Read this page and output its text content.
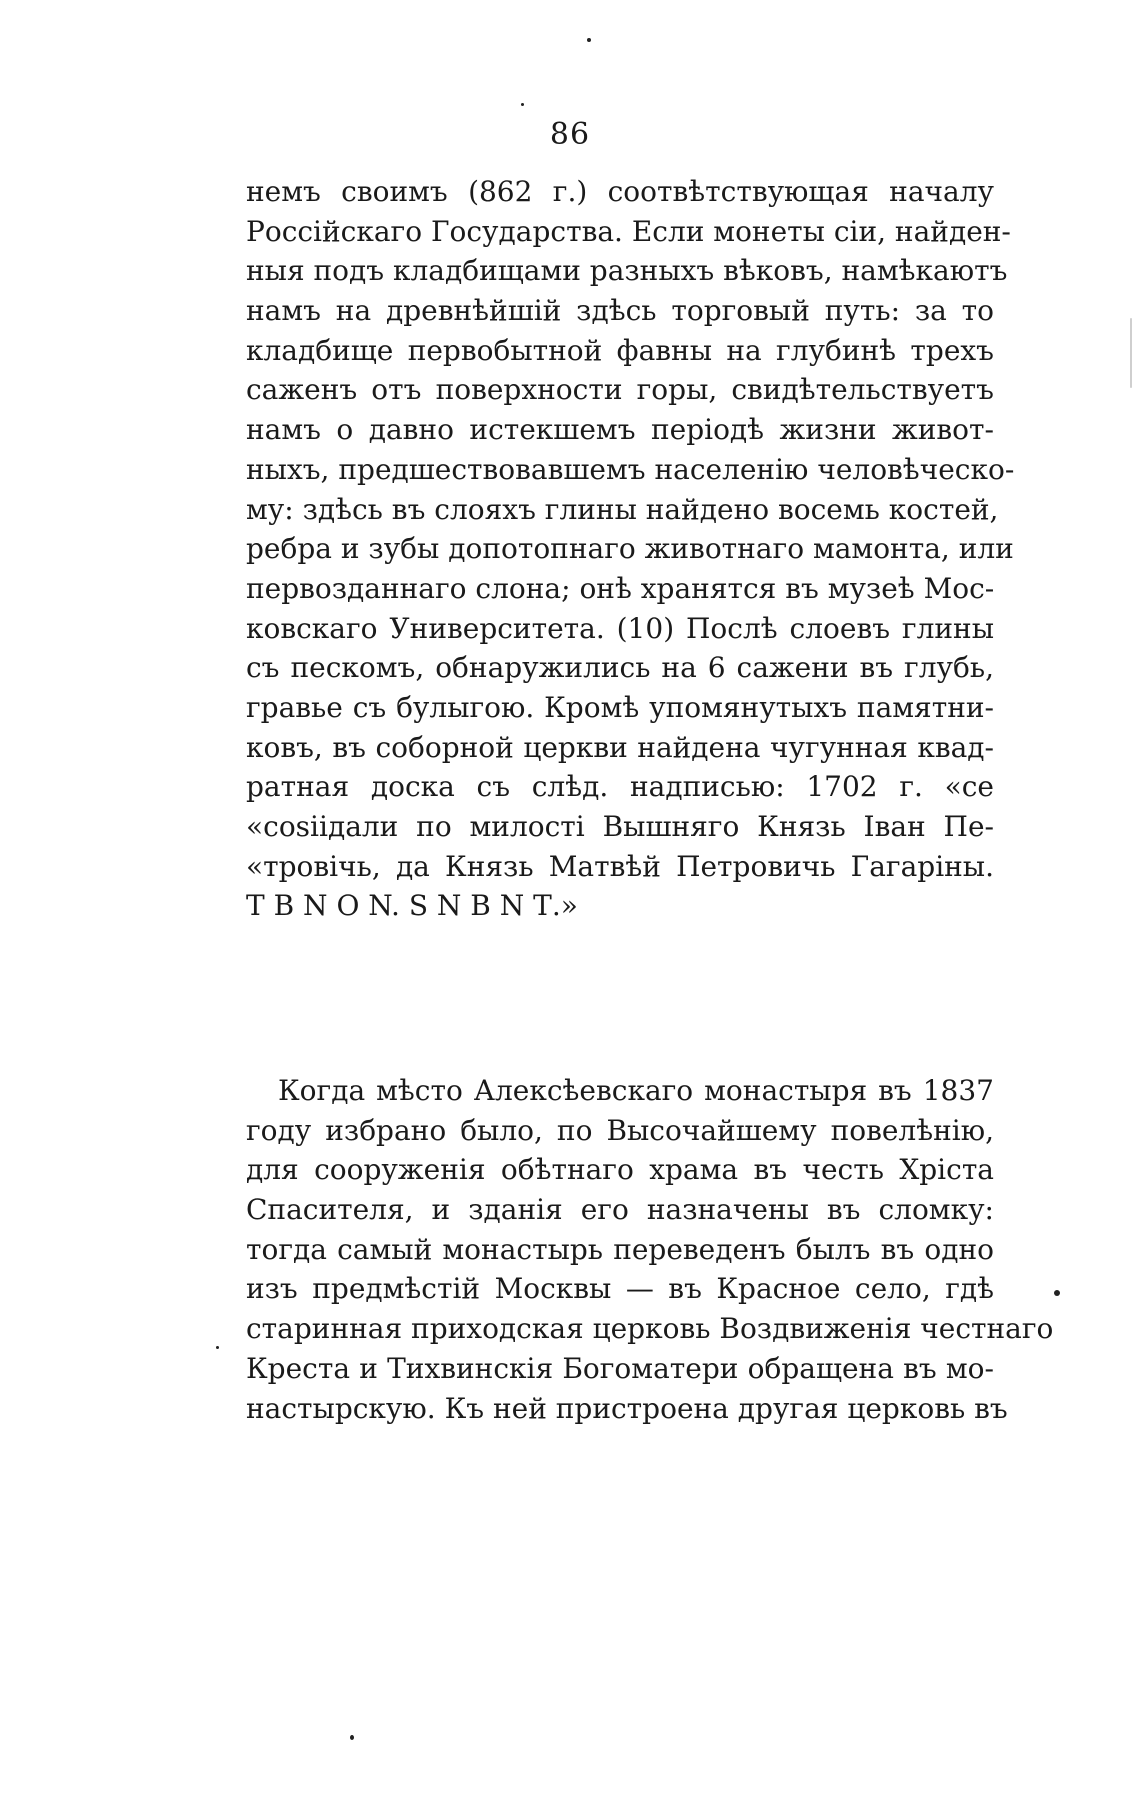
86
немъ своимъ (862 г.) соотвѣтствующая началу
Россійскаго Государства. Если монеты сіи, найден-
ныя подъ кладбищами разныхъ вѣковъ, намѣкаютъ
намъ на древнѣйшій здѣсь торговый путь: за то
кладбище первобытной фавны на глубинѣ трехъ
саженъ отъ поверхности горы, свидѣтельствуетъ
намъ о давно истекшемъ періодѣ жизни живот-
ныхъ, предшествовавшемъ населенію человѣческо-
му: здѣсь въ слояхъ глины найдено восемь костей,
ребра и зубы допотопнаго животнаго мамонта, или
первозданнаго слона; онѣ хранятся въ музеѣ Мос-
ковскаго Университета. (10) Послѣ слоевъ глины
съ пескомъ, обнаружились на 6 сажени въ глубь,
гравье съ булыгою. Кромѣ упомянутыхъ памятни-
ковъ, въ соборной церкви найдена чугунная квад-
ратная доска съ слѣд. надписью: 1702 г. «се
«cosiідали по милості Вышняго Князь Іван Пе-
«тровічь, да Князь Матвѣй Петровичь Гагаріны.
Т В N О N. S N В N Т.»
Когда мѣсто Алексѣевскаго монастыря въ 1837
году избрано было, по Высочайшему повелѣнію,
для сооруженія обѣтнаго храма въ честь Хріста
Спасителя, и зданія его назначены въ сломку:
тогда самый монастырь переведенъ былъ въ одно
изъ предмѣстій Москвы — въ Красное село, гдѣ
старинная приходская церковь Воздвиженія честнаго
Креста и Тихвинскія Богоматери обращена въ мо-
настырскую. Къ ней пристроена другая церковь въ
